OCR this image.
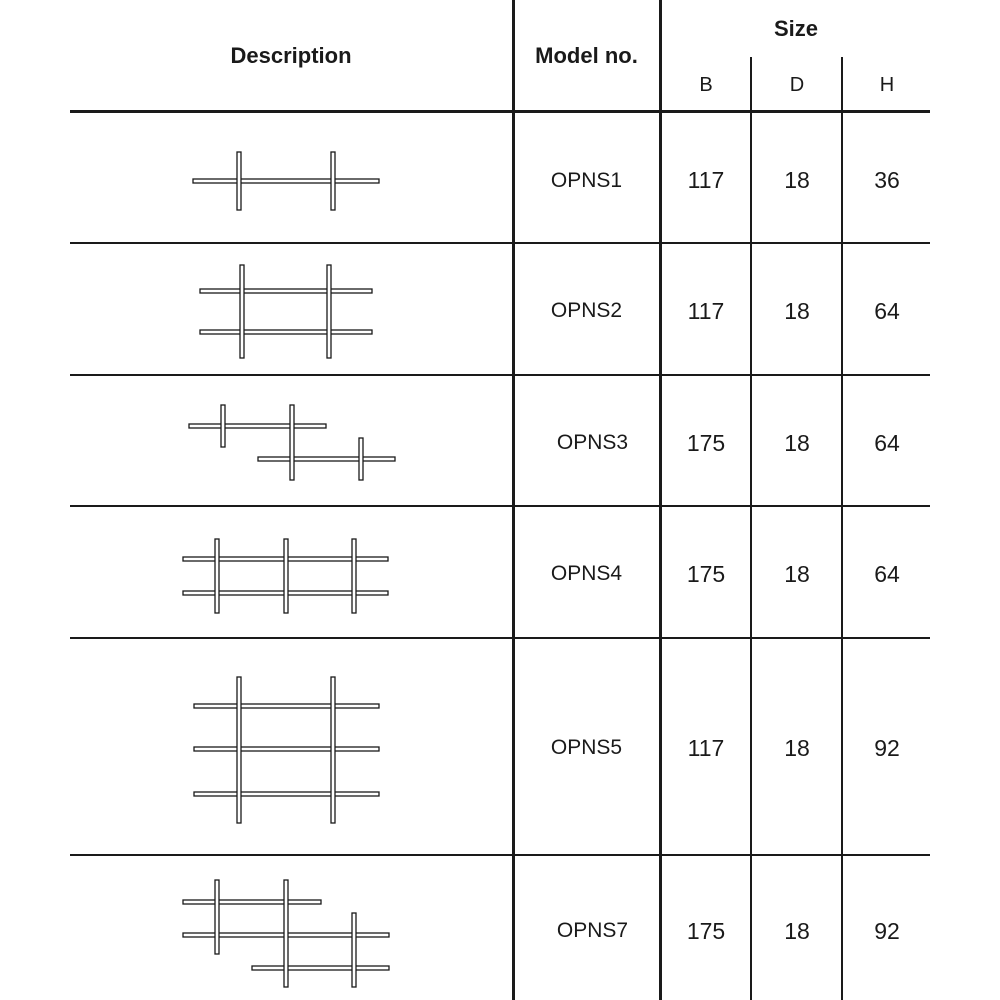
Description	Model no.
Size
B	D	H
OPNS1	117	18	36
OPNS2	117	18	64
OPNS3	175	18	64
OPNS4	175	18	64
OPNS5	117	18	92
OPNS7	175	18	92
